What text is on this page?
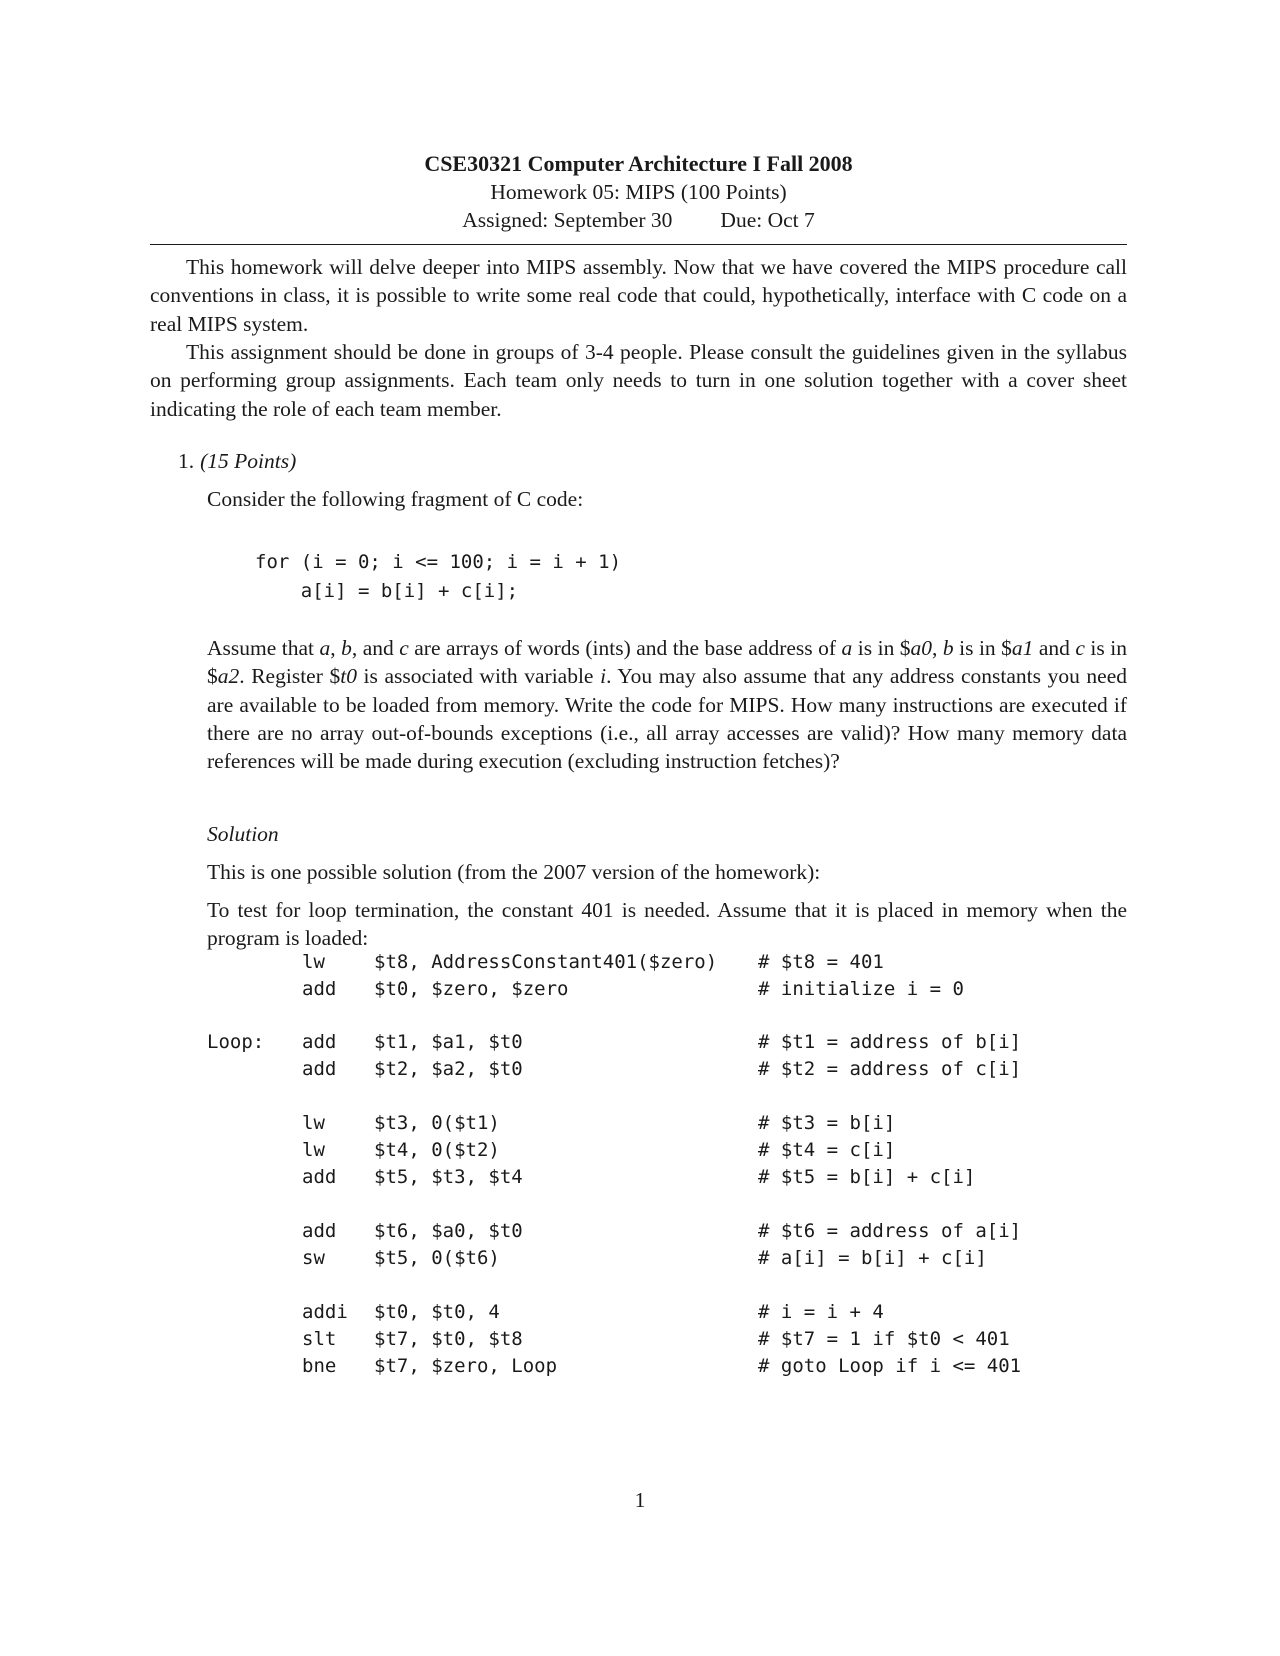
CSE30321 Computer Architecture I Fall 2008
Homework 05: MIPS (100 Points)
Assigned: September 30 Due: Oct 7

This homework will delve deeper into MIPS assembly. Now that we have covered the MIPS procedure call conventions in class, it is possible to write some real code that could, hypothetically, interface with C code on a real MIPS system.

This assignment should be done in groups of 3-4 people. Please consult the guidelines given in the syllabus on performing group assignments. Each team only needs to turn in one solution together with a cover sheet indicating the role of each team member.

1. (15 Points)

Consider the following fragment of C code:

for (i = 0; i <= 100; i = i + 1)
a[i] = b[i] + c[i];

Assume that a, b, and c are arrays of words (ints) and the base address of a is in $a0, b is in $a1 and c is in $a2. Register $t0 is associated with variable i. You may also assume that any address constants you need are available to be loaded from memory. Write the code for MIPS. How many instructions are executed if there are no array out-of-bounds exceptions (i.e., all array accesses are valid)? How many memory data references will be made during execution (excluding instruction fetches)?

Solution

This is one possible solution (from the 2007 version of the homework):

To test for loop termination, the constant 401 is needed. Assume that it is placed in memory when the program is loaded:

lw	$t8, AddressConstant401($zero) # $t8 = 401
add $t0, $zero, $zero	# initialize i = 0
Loop: add $t1, $a1, $t0	# $t1 = address of b[i]
add $t2, $a2, $t0	# $t2 = address of c[i]
lw	$t3, 0($t1)	# $t3 = b[i]
lw	$t4, 0($t2)	# $t4 = c[i]
add $t5, $t3, $t4	# $t5 = b[i] + c[i]
add $t6, $a0, $t0	# $t6 = address of a[i]
sw	$t5, 0($t6)	# a[i] = b[i] + c[i]
addi $t0, $t0, 4	# i = i + 4
slt $t7, $t0, $t8	# $t7 = 1 if $t0 < 401
bne $t7, $zero, Loop	# goto Loop if i <= 401
1
